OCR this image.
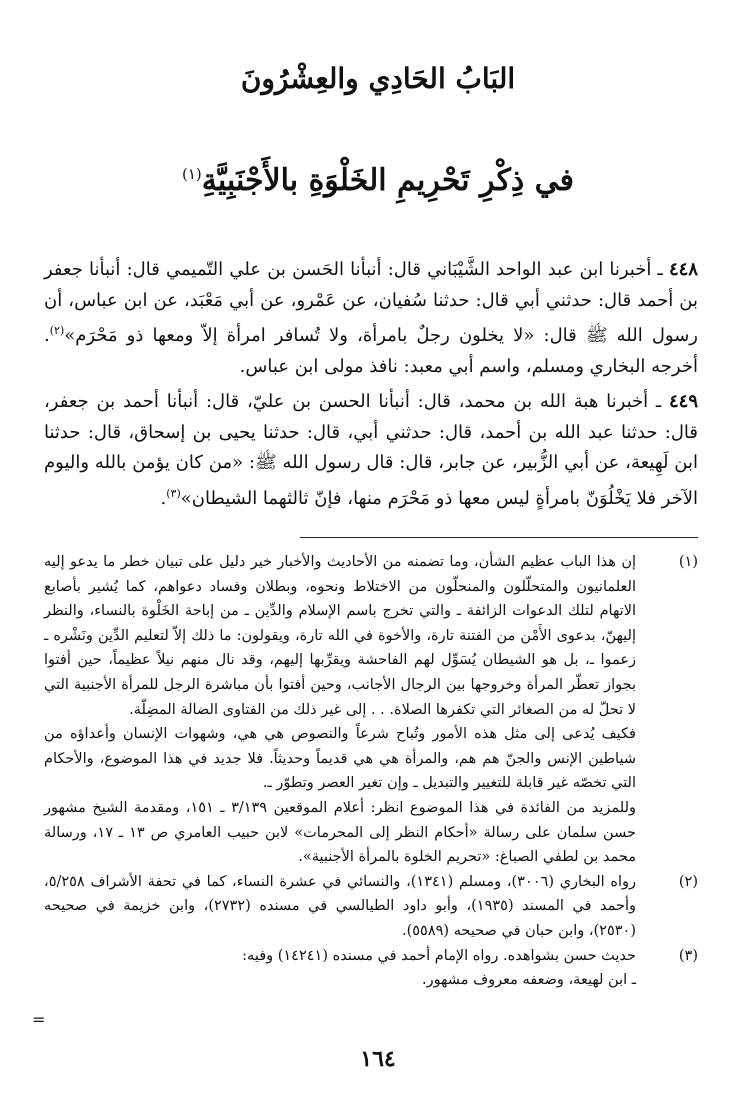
البَابُ الحَادِي والعِشْرُونَ
في ذِكْرِ تَحْرِيمِ الخَلْوَةِ بالأَجْنَبِيَّةِ$^{(١)}$

٤٤٨ ـ أخبرنا ابن عبد الواحد الشَّيْبَاني قال: أنبأنا الحَسن بن علي التّميمي قال: أنبأنا جعفر بن أحمد قال: حدثني أبي قال: حدثنا سُفيان، عن عَمْرو، عن أبي مَعْبَد، عن ابن عباس، أن رسول الله ﷺ قال: «لا يخلون رجلٌ بامرأة، ولا تُسافر امرأة إلاّ ومعها ذو مَحْرَم»$^{(٢)}$. أخرجه البخاري ومسلم، واسم أبي معبد: نافذ مولى ابن عباس.

٤٤٩ ـ أخبرنا هبة الله بن محمد، قال: أنبأنا الحسن بن عليّ، قال: أنبأنا أحمد بن جعفر، قال: حدثنا عبد الله بن أحمد، قال: حدثني أبي، قال: حدثنا يحيى بن إسحاق، قال: حدثنا ابن لَهِيعة، عن أبي الزُّبير، عن جابر، قال: قال رسول الله ﷺ: «من كان يؤمن بالله واليوم الآخر فلا يَخْلُوَنّ بامرأةٍ ليس معها ذو مَحْرَم منها، فإنّ ثالثهما الشيطان»$^{(٣)}$.

(١)

إن هذا الباب عظيم الشأن، وما تضمنه من الأحاديث والأخبار خير دليل على تبيان خطر ما يدعو إليه العلمانيون والمتحلّلون والمنحلّون من الاختلاط ونحوه، وبطلان وفساد دعواهم، كما يُشير بأصابع الاتهام لتلك الدعوات الزائفة ـ والتي تخرج باسم الإسلام والدِّين ـ من إباحة الخَلْوة بالنساء، والنظر إليهنّ، بدعوى الأَمْن من الفتنة تارة، والأخوة في الله تارة، ويقولون: ما ذلك إلاّ لتعليم الدِّين ونَشْره ـ زعموا ـ، بل هو الشيطان يُسَوِّل لهم الفاحشة ويقرِّبها إليهم، وقد نال منهم نيلاً عظيماً، حين أفتوا بجواز تعطّر المرأة وخروجها بين الرجال الأجانب، وحين أفتوا بأن مباشرة الرجل للمرأة الأجنبية التي لا تحلّ له من الصغائر التي تكفرها الصلاة. . . إلى غير ذلك من الفتاوى الضالة المضِلّة.

فكيف يُدعى إلى مثل هذه الأمور وتُباح شرعاً والنصوص هي هي، وشهوات الإنسان وأعداؤه من شياطين الإنس والجنّ هم هم، والمرأة هي هي قديماً وحديثاً. فلا جديد في هذا الموضوع، والأحكام التي تخصّه غير قابلة للتغيير والتبديل ـ وإن تغير العصر وتطوّر ـ.

وللمزيد من الفائدة في هذا الموضوع انظر: أعلام الموقعين ٣/١٣٩ ـ ١٥١، ومقدمة الشيخ مشهور حسن سلمان على رسالة «أحكام النظر إلى المحرمات» لابن حبيب العامري ص ١٣ ـ ١٧، ورسالة محمد بن لطفي الصباغ: «تحريم الخلوة بالمرأة الأجنبية».

(٢)

رواه البخاري (٣٠٠٦)، ومسلم (١٣٤١)، والنسائي في عشرة النساء، كما في تحفة الأشراف ٥/٢٥٨، وأحمد في المسند (١٩٣٥)، وأبو داود الطيالسي في مسنده (٢٧٣٢)، وابن خزيمة في صحيحه (٢٥٣٠)، وابن حبان في صحيحه (٥٥٨٩).

(٣)

حديث حسن بشواهده. رواه الإمام أحمد في مسنده (١٤٢٤١) وفيه:

ـ ابن لهيعة، وضعفه معروف مشهور.

=
١٦٤
